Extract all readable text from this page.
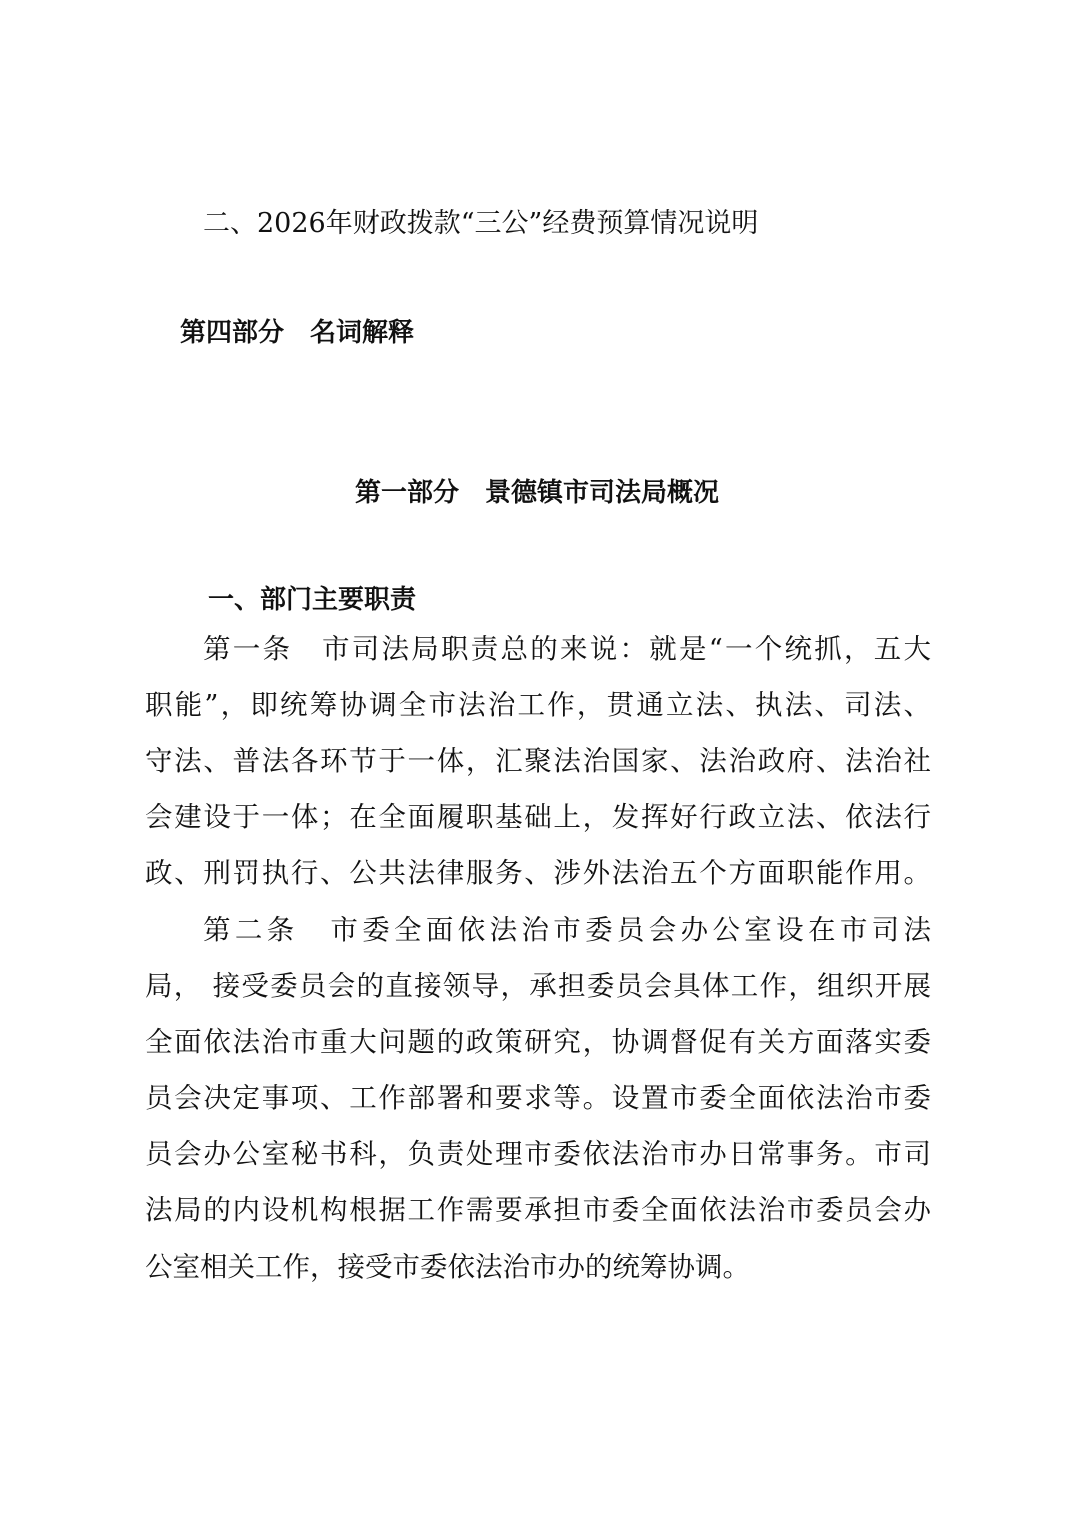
二、2026年财政拨款“三公”经费预算情况说明

第四部分　名词解释

第一部分　景德镇市司法局概况
一、部门主要职责

第一条　市司法局职责总的来说：就是“一个统抓，五大

职能”，即统筹协调全市法治工作，贯通立法、执法、司法、

守法、普法各环节于一体，汇聚法治国家、法治政府、法治社

会建设于一体；在全面履职基础上，发挥好行政立法、依法行

政、刑罚执行、公共法律服务、涉外法治五个方面职能作用。

第二条　市委全面依法治市委员会办公室设在市司法

局， 接受委员会的直接领导，承担委员会具体工作，组织开展

全面依法治市重大问题的政策研究，协调督促有关方面落实委

员会决定事项、工作部署和要求等。设置市委全面依法治市委

员会办公室秘书科，负责处理市委依法治市办日常事务。市司

法局的内设机构根据工作需要承担市委全面依法治市委员会办

公室相关工作，接受市委依法治市办的统筹协调。
